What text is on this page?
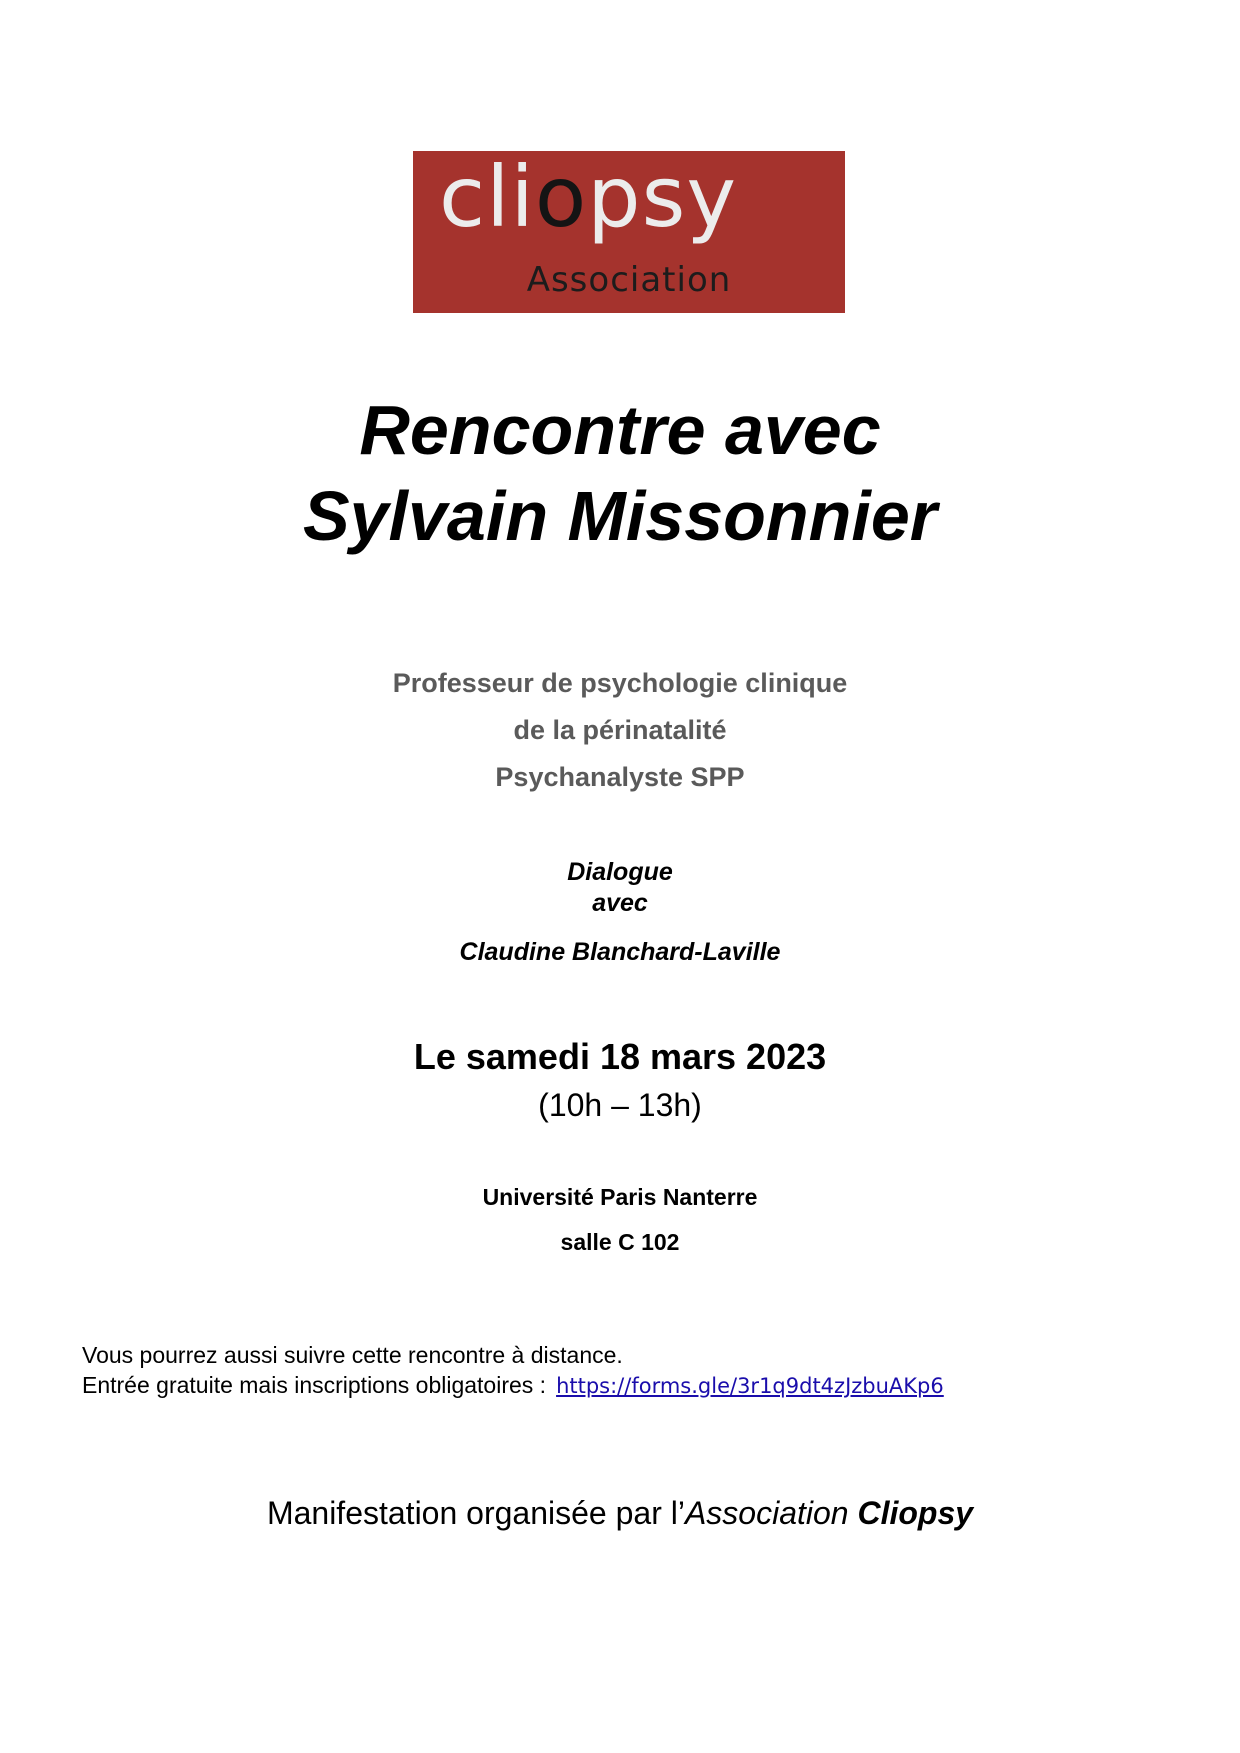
cliopsy
Association
Rencontre avec
Sylvain Missonnier
Professeur de psychologie clinique
de la périnatalité
Psychanalyste SPP
Dialogue
avec
Claudine Blanchard-Laville
Le samedi 18 mars 2023
(10h – 13h)
Université Paris Nanterre
salle C 102

Vous pourrez aussi suivre cette rencontre à distance.

Entrée gratuite mais inscriptions obligatoires : https://forms.gle/3r1q9dt4zJzbuAKp6

Manifestation organisée par l’Association Cliopsy
